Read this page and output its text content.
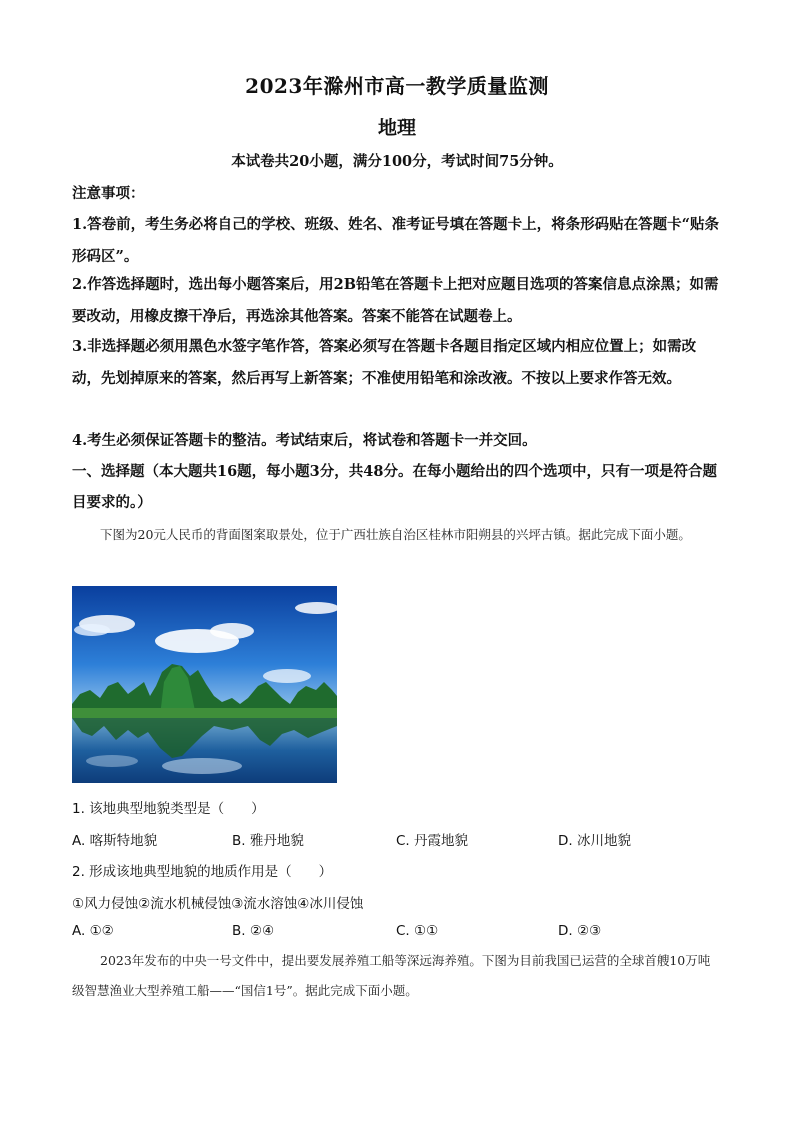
2023年滁州市高一教学质量监测
地理
本试卷共20小题，满分100分，考试时间75分钟。
注意事项：
1.答卷前，考生务必将自己的学校、班级、姓名、准考证号填在答题卡上，将条形码贴在答题卡“贴条形码区”。
2.作答选择题时，选出每小题答案后，用2B铅笔在答题卡上把对应题目选项的答案信息点涂黑；如需要改动，用橡皮擦干净后，再选涂其他答案。答案不能答在试题卷上。
3.非选择题必须用黑色水签字笔作答，答案必须写在答题卡各题目指定区域内相应位置上；如需改动，先划掉原来的答案，然后再写上新答案；不准使用铅笔和涂改液。不按以上要求作答无效。
4.考生必须保证答题卡的整洁。考试结束后，将试卷和答题卡一并交回。
一、选择题（本大题共16题，每小题3分，共48分。在每小题给出的四个选项中，只有一项是符合题目要求的。）
下图为20元人民币的背面图案取景处，位于广西壮族自治区桂林市阳朔县的兴坪古镇。据此完成下面小题。
1. 该地典型地貌类型是（　　）
A. 喀斯特地貌	B. 雅丹地貌	C. 丹霞地貌	D. 冰川地貌
2. 形成该地典型地貌的地质作用是（　　）
①风力侵蚀②流水机械侵蚀③流水溶蚀④冰川侵蚀
A. ①②	B. ②④	C. ①①	D. ②③
2023年发布的中央一号文件中，提出要发展养殖工船等深远海养殖。下图为目前我国已运营的全球首艘10万吨级智慧渔业大型养殖工船——“国信1号”。据此完成下面小题。
